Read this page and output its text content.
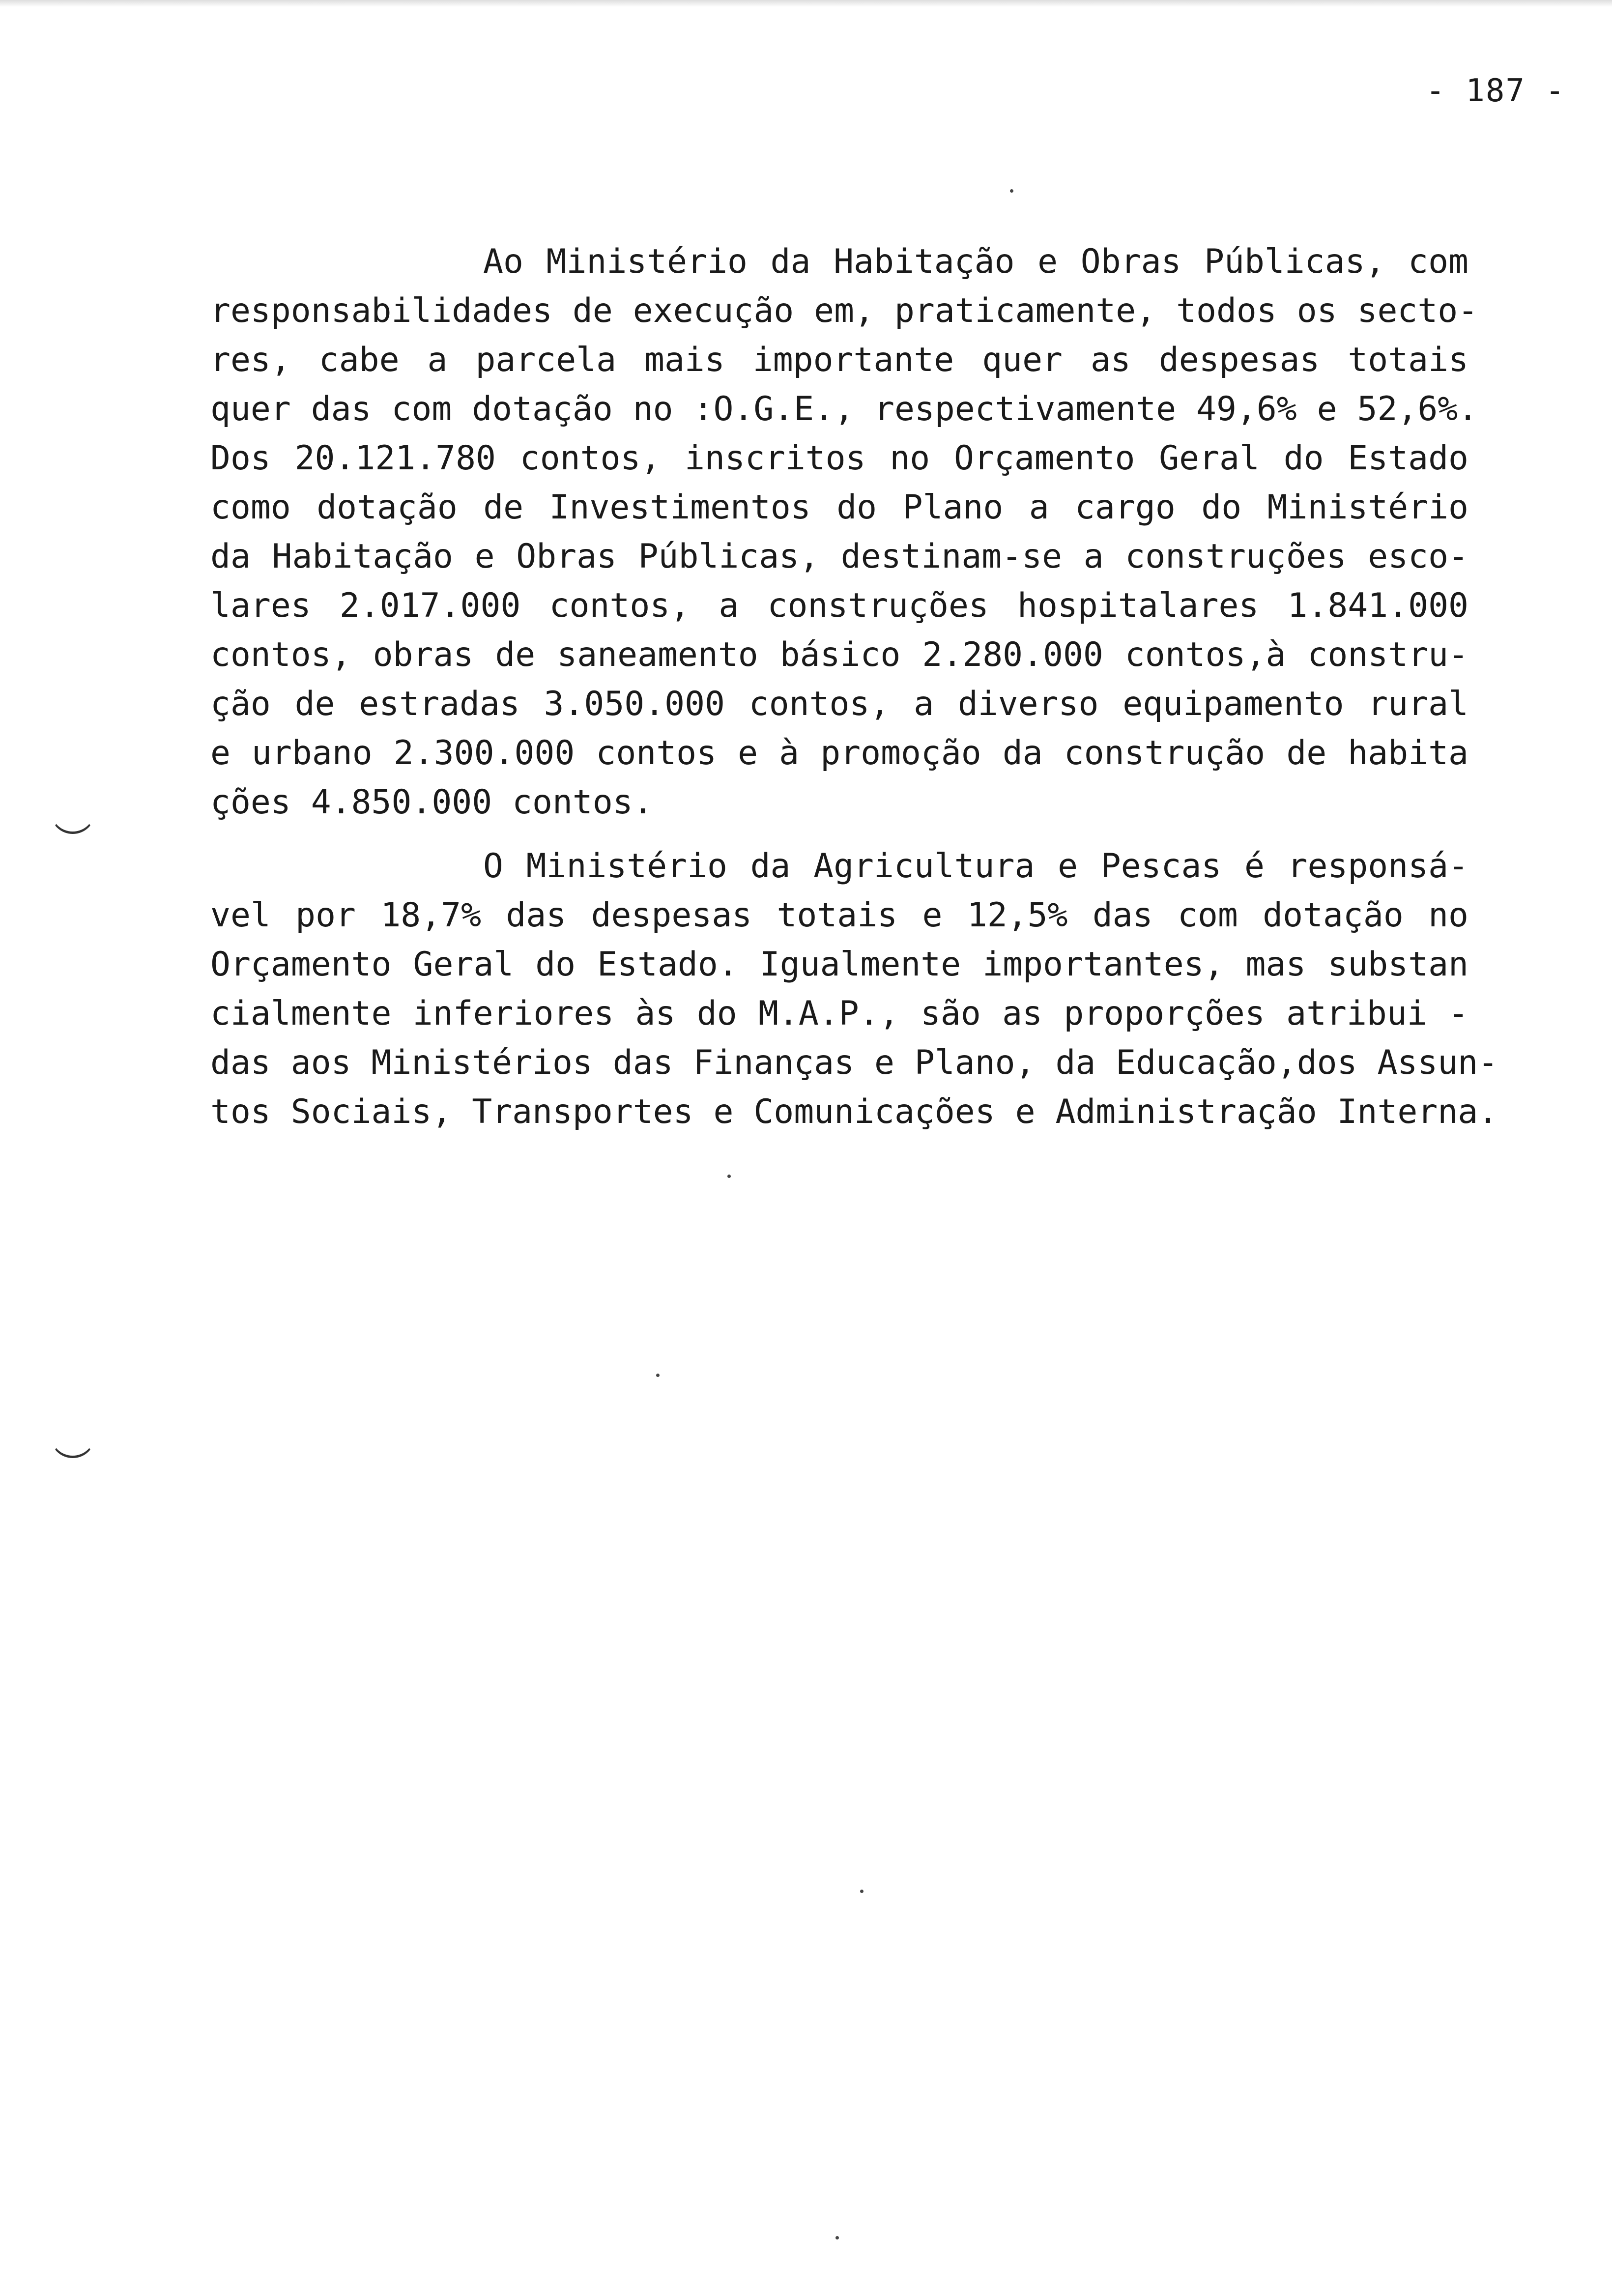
- 187 -
Ao Ministério da Habitação e Obras Públicas, com
responsabilidades de execução em, praticamente, todos os secto-
res, cabe a parcela mais importante quer as despesas totais
quer das com dotação no :O.G.E., respectivamente 49,6% e 52,6%.
Dos 20.121.780 contos, inscritos no Orçamento Geral do Estado
como dotação de Investimentos do Plano a cargo do Ministério
da Habitação e Obras Públicas, destinam-se a construções esco-
lares 2.017.000 contos, a construções hospitalares 1.841.000
contos, obras de saneamento básico 2.280.000 contos,à constru-
ção de estradas 3.050.000 contos, a diverso equipamento rural
e urbano 2.300.000 contos e à promoção da construção de habita
ções 4.850.000 contos.
O Ministério da Agricultura e Pescas é responsá-
vel por 18,7% das despesas totais e 12,5% das com dotação no
Orçamento Geral do Estado. Igualmente importantes, mas substan
cialmente inferiores às do M.A.P., são as proporções atribui -
das aos Ministérios das Finanças e Plano, da Educação,dos Assun-
tos Sociais, Transportes e Comunicações e Administração Interna.
